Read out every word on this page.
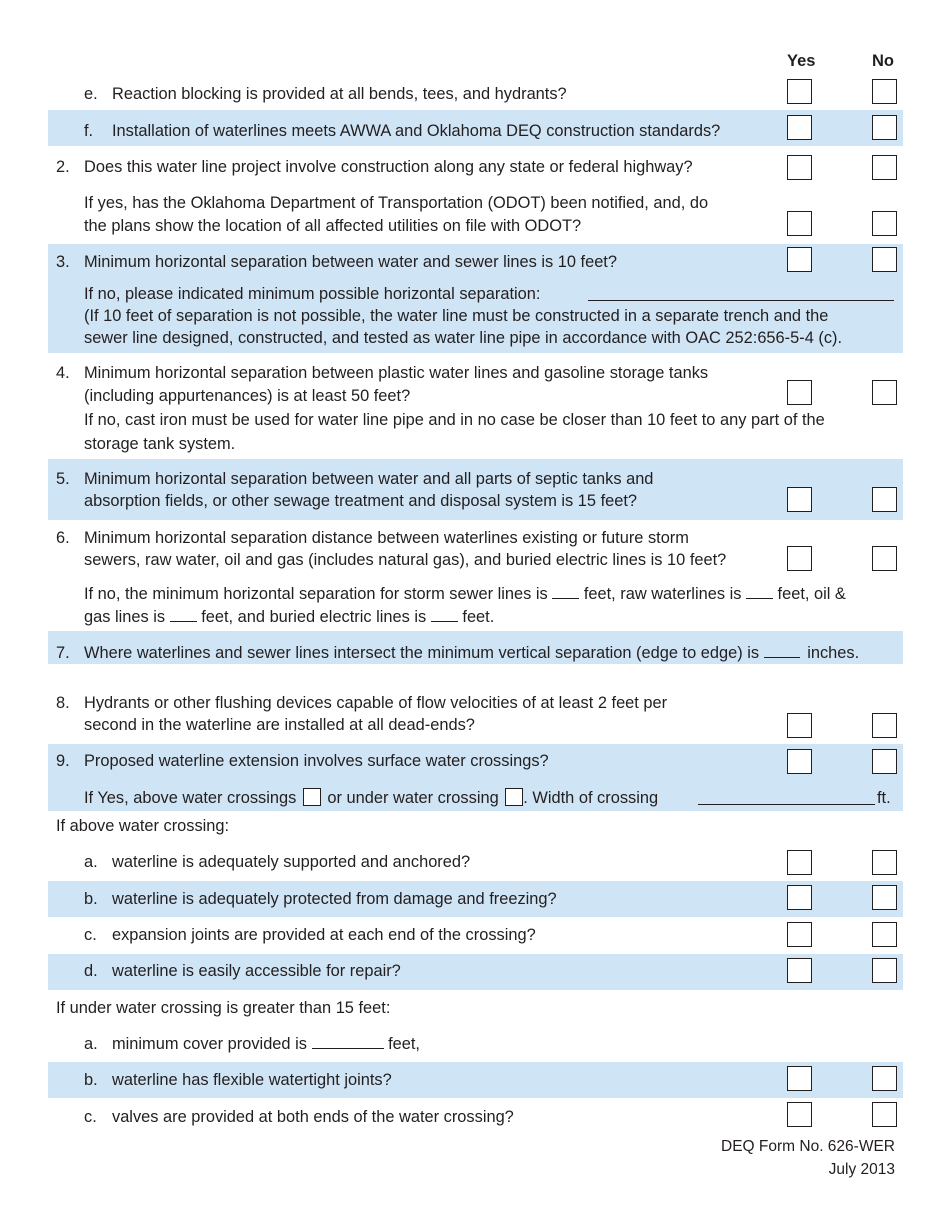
Yes	No
e. Reaction blocking is provided at all bends, tees, and hydrants?
f. Installation of waterlines meets AWWA and Oklahoma DEQ construction standards?
2. Does this water line project involve construction along any state or federal highway?
If yes, has the Oklahoma Department of Transportation (ODOT) been notified, and, do
the plans show the location of all affected utilities on file with ODOT?
3. Minimum horizontal separation between water and sewer lines is 10 feet?
If no, please indicated minimum possible horizontal separation:
(If 10 feet of separation is not possible, the water line must be constructed in a separate trench and the
sewer line designed, constructed, and tested as water line pipe in accordance with OAC 252:656-5-4 (c).
4. Minimum horizontal separation between plastic water lines and gasoline storage tanks
(including appurtenances) is at least 50 feet?
If no, cast iron must be used for water line pipe and in no case be closer than 10 feet to any part of the
storage tank system.
5. Minimum horizontal separation between water and all parts of septic tanks and
absorption fields, or other sewage treatment and disposal system is 15 feet?
6. Minimum horizontal separation distance between waterlines existing or future storm
sewers, raw water, oil and gas (includes natural gas), and buried electric lines is 10 feet?
If no, the minimum horizontal separation for storm sewer lines is feet, raw waterlines is feet, oil &
gas lines is feet, and buried electric lines is feet.
7. Where waterlines and sewer lines intersect the minimum vertical separation (edge to edge) is	inches.
8. Hydrants or other flushing devices capable of flow velocities of at least 2 feet per
second in the waterline are installed at all dead-ends?
9. Proposed waterline extension involves surface water crossings?
If Yes, above water crossings or under water crossing . Width of crossing	ft.
If above water crossing:
a. waterline is adequately supported and anchored?
b. waterline is adequately protected from damage and freezing?
c. expansion joints are provided at each end of the crossing?
d. waterline is easily accessible for repair?
If under water crossing is greater than 15 feet:
a. minimum cover provided is	feet,
b. waterline has flexible watertight joints?
c. valves are provided at both ends of the water crossing?
DEQ Form No. 626-WER
July 2013
